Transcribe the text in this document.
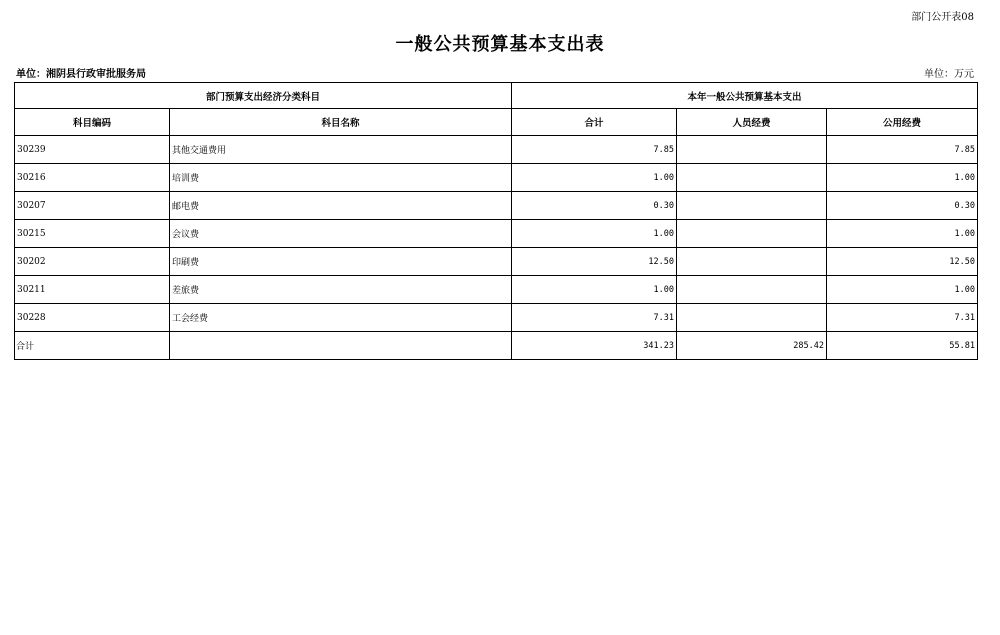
部门公开表08
一般公共预算基本支出表
单位：湘阴县行政审批服务局	单位：万元
部门预算支出经济分类科目		本年一般公共预算基本支出		
科目编码	科目名称	合计	人员经费	公用经费
30239	其他交通费用	7.85		7.85
30216	培训费	1.00		1.00
30207	邮电费	0.30		0.30
30215	会议费	1.00		1.00
30202	印刷费	12.50		12.50
30211	差旅费	1.00		1.00
30228	工会经费	7.31		7.31
合计		341.23	285.42	55.81
